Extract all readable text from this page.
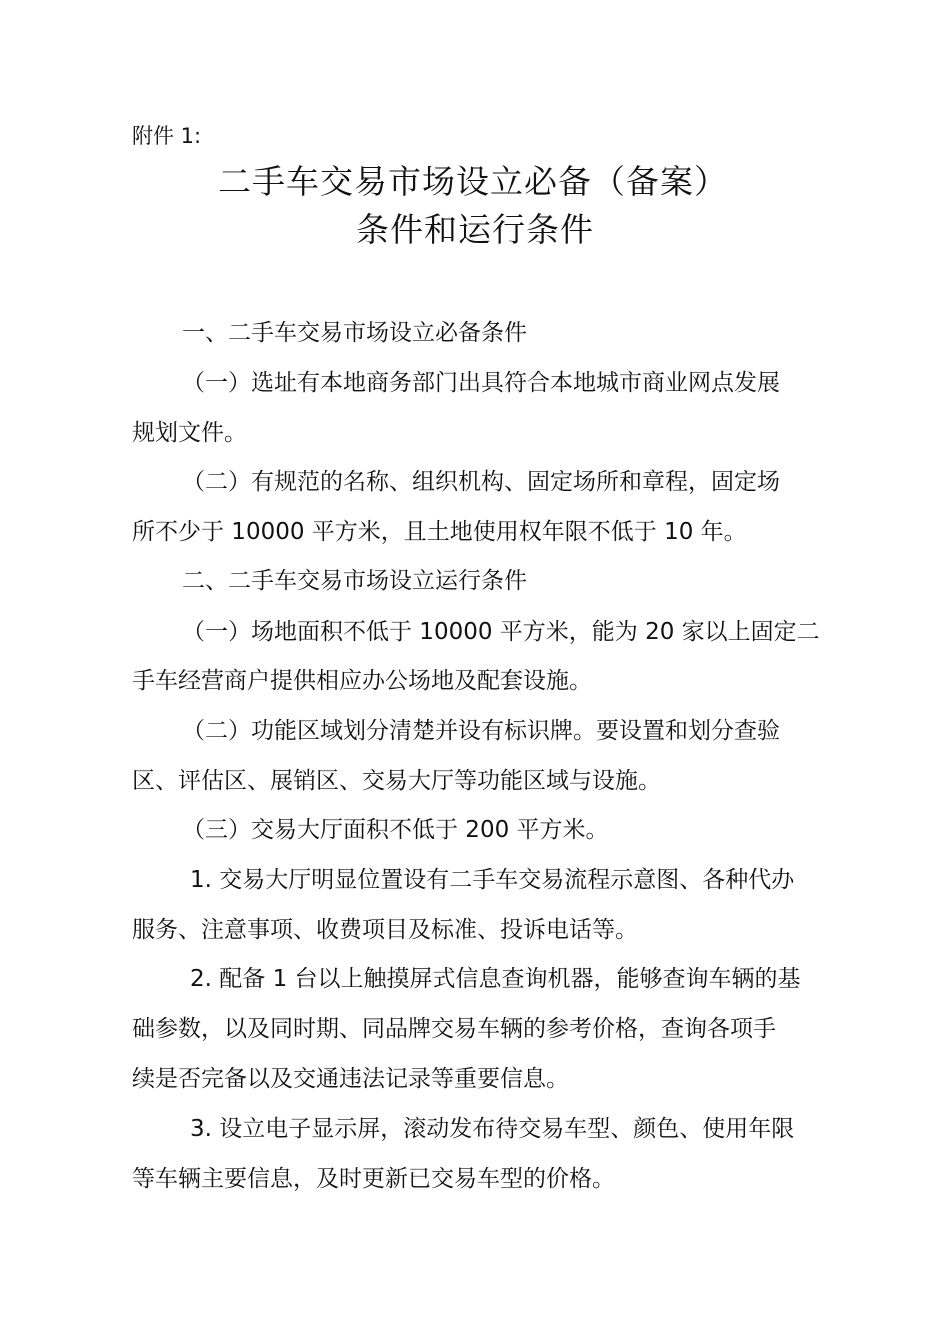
附件 1:
二手车交易市场设立必备（备案）
条件和运行条件
一、二手车交易市场设立必备条件
（一）选址有本地商务部门出具符合本地城市商业网点发展
规划文件。
（二）有规范的名称、组织机构、固定场所和章程，固定场
所不少于 10000 平方米，且土地使用权年限不低于 10 年。
二、二手车交易市场设立运行条件
（一）场地面积不低于 10000 平方米，能为 20 家以上固定二
手车经营商户提供相应办公场地及配套设施。
（二）功能区域划分清楚并设有标识牌。要设置和划分查验
区、评估区、展销区、交易大厅等功能区域与设施。
（三）交易大厅面积不低于 200 平方米。
1. 交易大厅明显位置设有二手车交易流程示意图、各种代办
服务、注意事项、收费项目及标准、投诉电话等。
2. 配备 1 台以上触摸屏式信息查询机器，能够查询车辆的基
础参数，以及同时期、同品牌交易车辆的参考价格，查询各项手
续是否完备以及交通违法记录等重要信息。
3. 设立电子显示屏，滚动发布待交易车型、颜色、使用年限
等车辆主要信息，及时更新已交易车型的价格。
